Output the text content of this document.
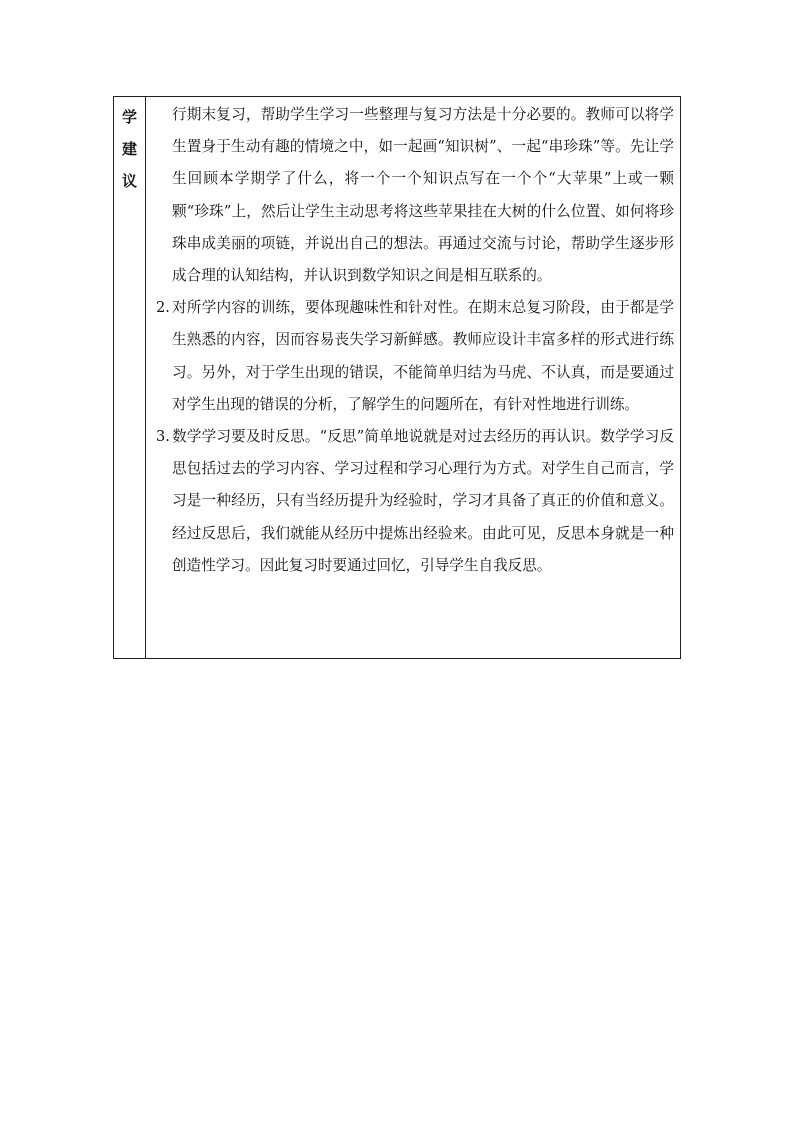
学
建
议

行期末复习，帮助学生学习一些整理与复习方法是十分必要的。教师可以将学生置身于生动有趣的情境之中，如一起画“知识树”、一起“串珍珠”等。先让学生回顾本学期学了什么，将一个一个知识点写在一个个“大苹果”上或一颗颗“珍珠”上，然后让学生主动思考将这些苹果挂在大树的什么位置、如何将珍珠串成美丽的项链，并说出自己的想法。再通过交流与讨论，帮助学生逐步形成合理的认知结构，并认识到数学知识之间是相互联系的。

2. 对所学内容的训练，要体现趣味性和针对性。在期末总复习阶段，由于都是学生熟悉的内容，因而容易丧失学习新鲜感。教师应设计丰富多样的形式进行练习。另外，对于学生出现的错误，不能简单归结为马虎、不认真，而是要通过对学生出现的错误的分析，了解学生的问题所在，有针对性地进行训练。

3. 数学学习要及时反思。“反思”简单地说就是对过去经历的再认识。数学学习反思包括过去的学习内容、学习过程和学习心理行为方式。对学生自己而言，学习是一种经历，只有当经历提升为经验时，学习才具备了真正的价值和意义。经过反思后，我们就能从经历中提炼出经验来。由此可见，反思本身就是一种创造性学习。因此复习时要通过回忆，引导学生自我反思。
